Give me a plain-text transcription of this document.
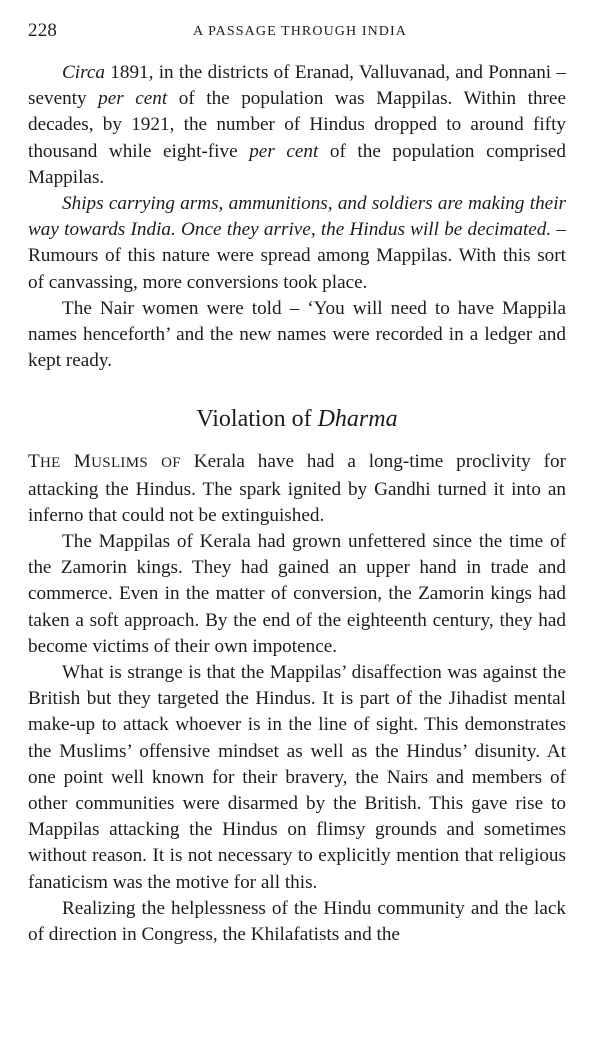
228	A PASSAGE THROUGH INDIA

Circa 1891, in the districts of Eranad, Valluvanad, and Ponnani – seventy per cent of the population was Mappilas. Within three decades, by 1921, the number of Hindus dropped to around fifty thousand while eight-five per cent of the population comprised Mappilas.

Ships carrying arms, ammunitions, and soldiers are making their way towards India. Once they arrive, the Hindus will be decimated. – Rumours of this nature were spread among Mappilas. With this sort of canvassing, more conversions took place.

The Nair women were told – ‘You will need to have Mappila names henceforth’ and the new names were recorded in a ledger and kept ready.

Violation of Dharma

THE MUSLIMS OF Kerala have had a long-time proclivity for attacking the Hindus. The spark ignited by Gandhi turned it into an inferno that could not be extinguished.

The Mappilas of Kerala had grown unfettered since the time of the Zamorin kings. They had gained an upper hand in trade and commerce. Even in the matter of conversion, the Zamorin kings had taken a soft approach. By the end of the eighteenth century, they had become victims of their own impotence.

What is strange is that the Mappilas’ disaffection was against the British but they targeted the Hindus. It is part of the Jihadist mental make-up to attack whoever is in the line of sight. This demonstrates the Muslims’ offensive mindset as well as the Hindus’ disunity. At one point well known for their bravery, the Nairs and members of other communities were disarmed by the British. This gave rise to Mappilas attacking the Hindus on flimsy grounds and sometimes without reason. It is not necessary to explicitly mention that religious fanaticism was the motive for all this.

Realizing the helplessness of the Hindu community and the lack of direction in Congress, the Khilafatists and the
